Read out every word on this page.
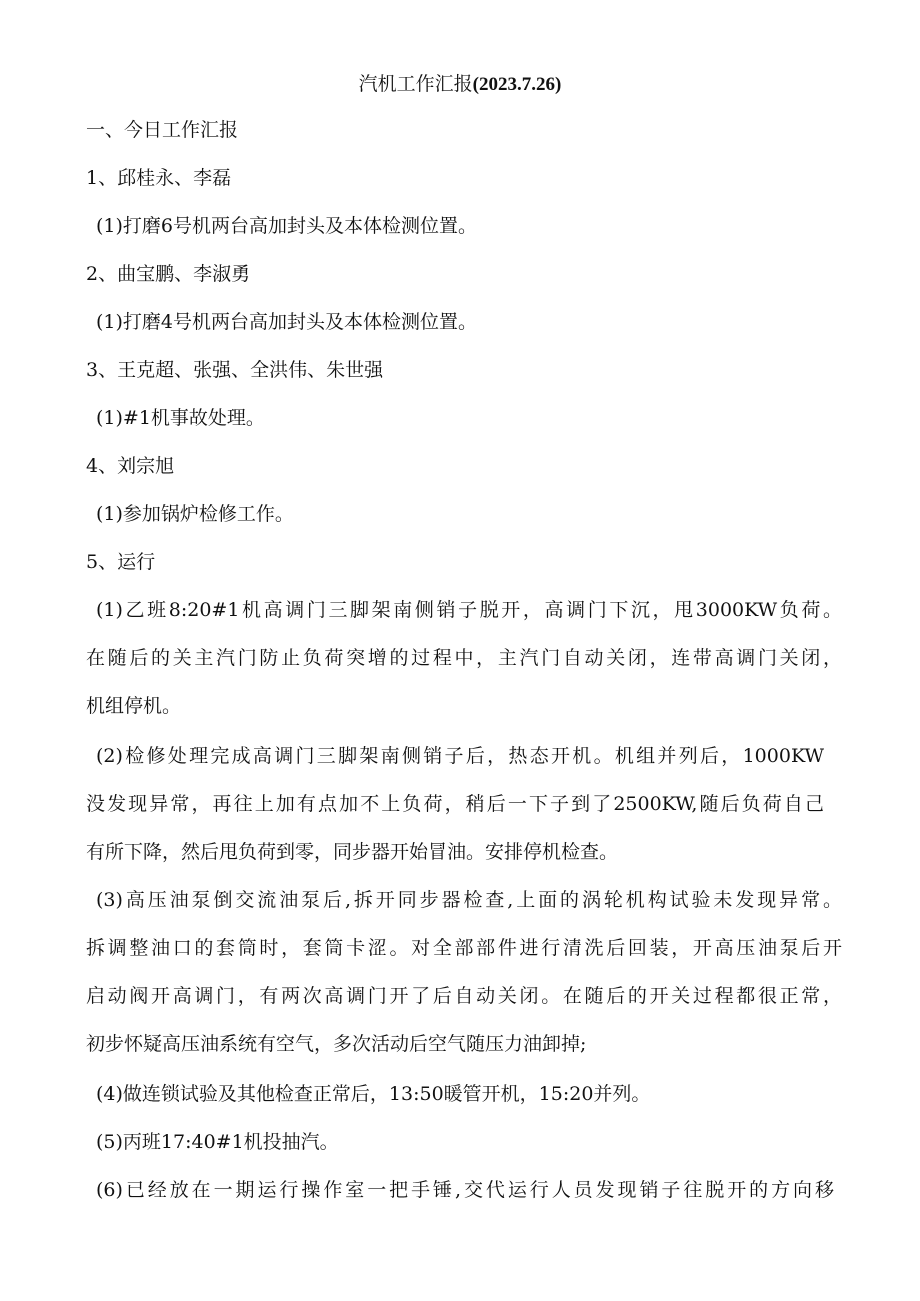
汽机工作汇报(2023.7.26)
一、今日工作汇报
1、邱桂永、李磊
(1)打磨6号机两台高加封头及本体检测位置。
2、曲宝鹏、李淑勇
(1)打磨4号机两台高加封头及本体检测位置。
3、王克超、张强、全洪伟、朱世强
(1)#1机事故处理。
4、刘宗旭
(1)参加锅炉检修工作。
5、运行
(1)乙班8:20#1机高调门三脚架南侧销子脱开，高调门下沉，甩3000KW负荷。
在随后的关主汽门防止负荷突增的过程中，主汽门自动关闭，连带高调门关闭，
机组停机。
(2)检修处理完成高调门三脚架南侧销子后，热态开机。机组并列后，1000KW
没发现异常，再往上加有点加不上负荷，稍后一下子到了2500KW,随后负荷自己
有所下降，然后甩负荷到零，同步器开始冒油。安排停机检查。
(3)高压油泵倒交流油泵后,拆开同步器检查,上面的涡轮机构试验未发现异常。
拆调整油口的套筒时，套筒卡涩。对全部部件进行清洗后回装，开高压油泵后开
启动阀开高调门，有两次高调门开了后自动关闭。在随后的开关过程都很正常，
初步怀疑高压油系统有空气，多次活动后空气随压力油卸掉;
(4)做连锁试验及其他检查正常后，13:50暖管开机，15:20并列。
(5)丙班17:40#1机投抽汽。
(6)已经放在一期运行操作室一把手锤,交代运行人员发现销子往脱开的方向移
